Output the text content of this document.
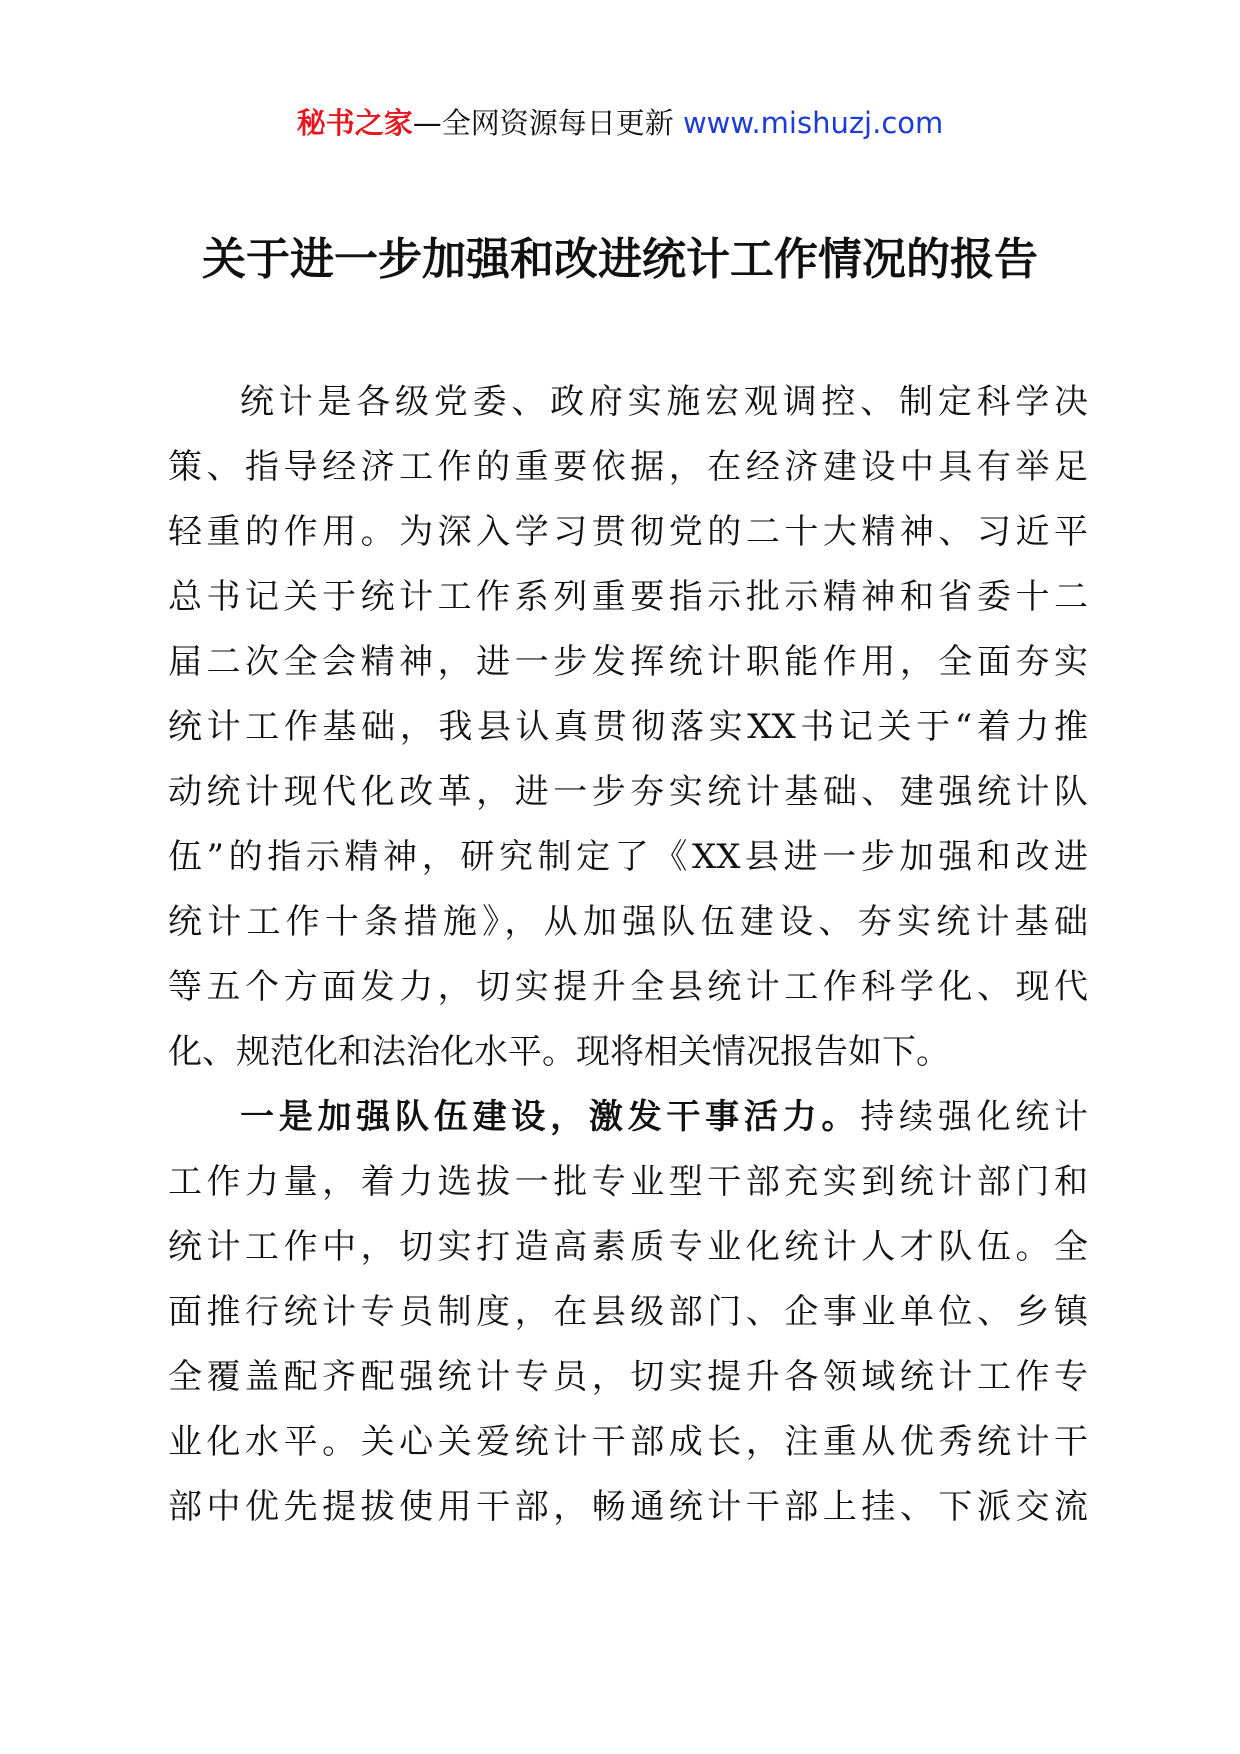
秘书之家—全网资源每日更新 www.mishuzj.com
关于进一步加强和改进统计工作情况的报告
统计是各级党委、政府实施宏观调控、制定科学决
策、指导经济工作的重要依据，在经济建设中具有举足
轻重的作用。为深入学习贯彻党的二十大精神、习近平
总书记关于统计工作系列重要指示批示精神和省委十二
届二次全会精神，进一步发挥统计职能作用，全面夯实
统计工作基础，我县认真贯彻落实XX书记关于“着力推
动统计现代化改革，进一步夯实统计基础、建强统计队
伍”的指示精神，研究制定了《XX县进一步加强和改进
统计工作十条措施》，从加强队伍建设、夯实统计基础
等五个方面发力，切实提升全县统计工作科学化、现代
化、规范化和法治化水平。现将相关情况报告如下。
一是加强队伍建设，激发干事活力。持续强化统计
工作力量，着力选拔一批专业型干部充实到统计部门和
统计工作中，切实打造高素质专业化统计人才队伍。全
面推行统计专员制度，在县级部门、企事业单位、乡镇
全覆盖配齐配强统计专员，切实提升各领域统计工作专
业化水平。关心关爱统计干部成长，注重从优秀统计干
部中优先提拔使用干部，畅通统计干部上挂、下派交流
